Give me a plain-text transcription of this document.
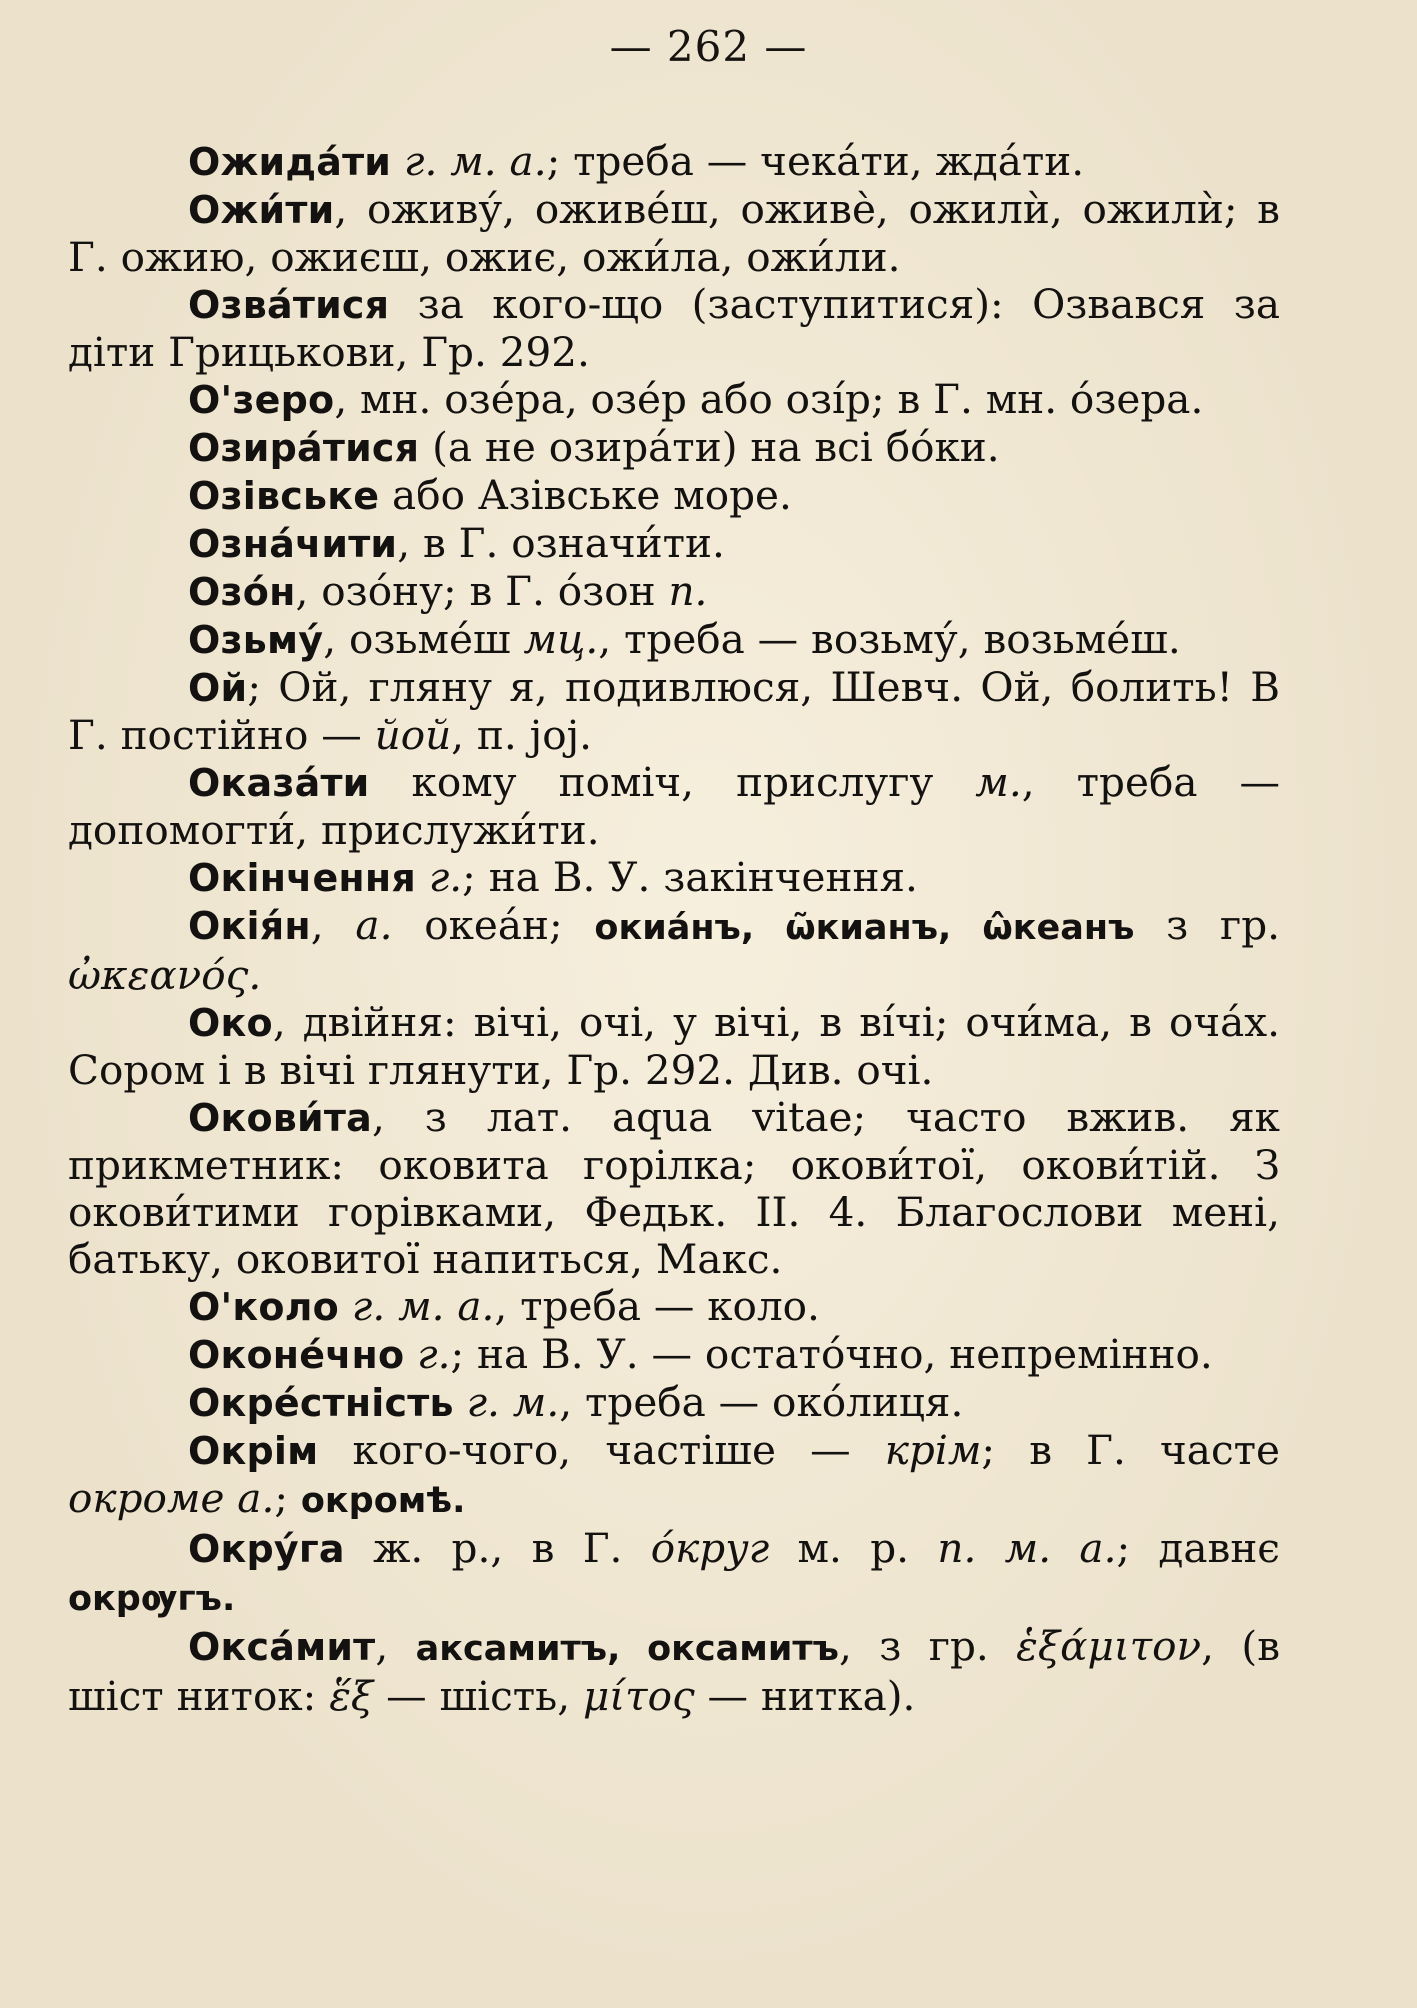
— 262 —

Ожида́ти г. м. а.; треба — чека́ти, жда́ти.

Ожи́ти, оживу́, оживе́ш, оживѐ, ожилѝ, ожилѝ; в Г. ожию, ожиєш, ожиє, ожи́ла, ожи́ли.

Озва́тися за кого-що (заступитися): Озвався за діти Грицькови, Гр. 292.

О'зеро, мн. озе́ра, озе́р або озі́р; в Г. мн. о́зера.

Озира́тися (а не озира́ти) на всі бо́ки.

Озівське або Азівське море.

Озна́чити, в Г. означи́ти.

Озо́н, озо́ну; в Г. о́зон п.

Озьму́, озьме́ш мц., треба — возьму́, возьме́ш.

Ой; Ой, гляну я, подивлюся, Шевч. Ой, болить! В Г. постійно — йой, п. joj.

Оказа́ти кому поміч, прислугу м., треба — допомогти́, прислужи́ти.

Окінчення г.; на В. У. закінчення.

Окія́н, а. океа́н; окиа́нъ, ѡ̃кианъ, ѡ̂кеанъ з гр. ὠκεανός.

Око, двійня: вічі, очі, у вічі, в ві́чі; очи́ма, в оча́х. Сором і в вічі глянути, Гр. 292. Див. очі.

Окови́та, з лат. aqua vitae; часто вжив. як прикметник: оковита горілка; окови́тої, окови́тій. З окови́тими горівками, Федьк. II. 4. Благослови мені, батьку, оковитої напиться, Макс.

О'коло г. м. а., треба — коло.

Оконе́чно г.; на В. У. — остато́чно, непремінно.

Окре́стність г. м., треба — око́лиця.

Окрім кого-чого, частіше — крім; в Г. часте окроме а.; окромѣ.

Окру́га ж. р., в Г. о́круг м. р. п. м. а.; давнє окрѹгъ.

Окса́мит, аксамитъ, оксамитъ, з гр. ἑξάμιτον, (в шіст ниток: ἕξ — шість, μίτος — нитка).
